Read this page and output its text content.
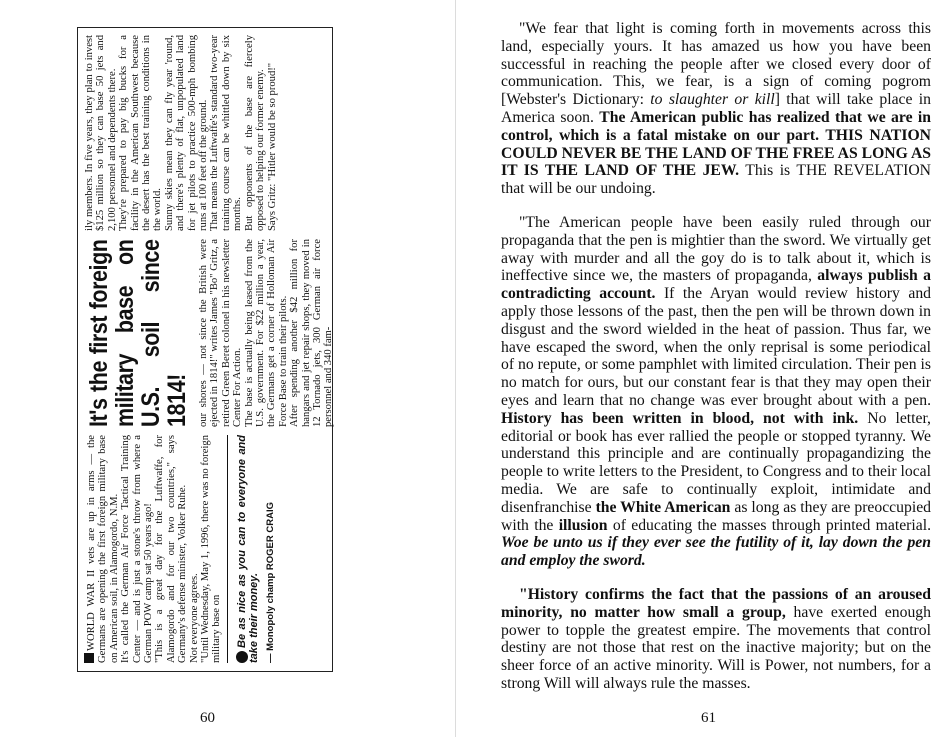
WORLD WAR II vets are up in arms — the Germans are opening the first foreign military base on American soil, in Alamogordo, N.M. It's called the German Air Force Tactical Training Center — and is just a stone's throw from where a German POW camp sat 50 years ago! "This is a great day for the Luftwaffe, for Alamogordo and for our two countries," says Germany's defense minister, Volker Ruhe. Not everyone agrees. "Until Wednesday, May 1, 1996, there was no foreign military base on Be as nice as you can to everyone and take their money. — Monopoly champ ROGER CRAIG
It's the first foreign military base on U.S. soil since 1814! our shores — not since the British were ejected in 1814!" writes James "Bo" Gritz, a retired Green Beret colonel in his newsletter Center For Action. The base is actually being leased from the U.S. government. For $22 million a year, the Germans get a corner of Holloman Air Force Base to train their pilots. After spending another $42 million for hangars and jet repair shops, they moved in 12 Tornado jets, 300 German air force personnel and 340 fam-

ily members. In five years, they plan to invest $125 million so they can base 50 jets and 2,100 personnel and dependents there. They're prepared to pay big bucks for a facility in the American Southwest because the desert has the best training conditions in the world. Sunny skies mean they can fly year 'round, and there's plenty of flat, unpopulated land for jet pilots to practice 500-mph bombing runs at 100 feet off the ground. That means the Luftwaffe's standard two-year training course can be whittled down by six months. But opponents of the base are fiercely opposed to helping our former enemy. Says Gritz: "Hitler would be so proud!"

60

"We fear that light is coming forth in movements across this land, especially yours. It has amazed us how you have been successful in reaching the people after we closed every door of communication. This, we fear, is a sign of coming pogrom [Webster's Dictionary: to slaughter or kill] that will take place in America soon. The American public has realized that we are in control, which is a fatal mistake on our part. THIS NATION COULD NEVER BE THE LAND OF THE FREE AS LONG AS IT IS THE LAND OF THE JEW. This is THE REVELATION that will be our undoing.

"The American people have been easily ruled through our propaganda that the pen is mightier than the sword. We virtually get away with murder and all the goy do is to talk about it, which is ineffective since we, the masters of propaganda, always publish a contradicting account. If the Aryan would review history and apply those lessons of the past, then the pen will be thrown down in disgust and the sword wielded in the heat of passion. Thus far, we have escaped the sword, when the only reprisal is some periodical of no repute, or some pamphlet with limited circulation. Their pen is no match for ours, but our constant fear is that they may open their eyes and learn that no change was ever brought about with a pen. History has been written in blood, not with ink. No letter, editorial or book has ever rallied the people or stopped tyranny. We understand this principle and are continually propagandizing the people to write letters to the President, to Congress and to their local media. We are safe to continually exploit, intimidate and disenfranchise the White American as long as they are preoccupied with the illusion of educating the masses through printed material. Woe be unto us if they ever see the futility of it, lay down the pen and employ the sword.

"History confirms the fact that the passions of an aroused minority, no matter how small a group, have exerted enough power to topple the greatest empire. The movements that control destiny are not those that rest on the inactive majority; but on the sheer force of an active minority. Will is Power, not numbers, for a strong Will will always rule the masses.

61
